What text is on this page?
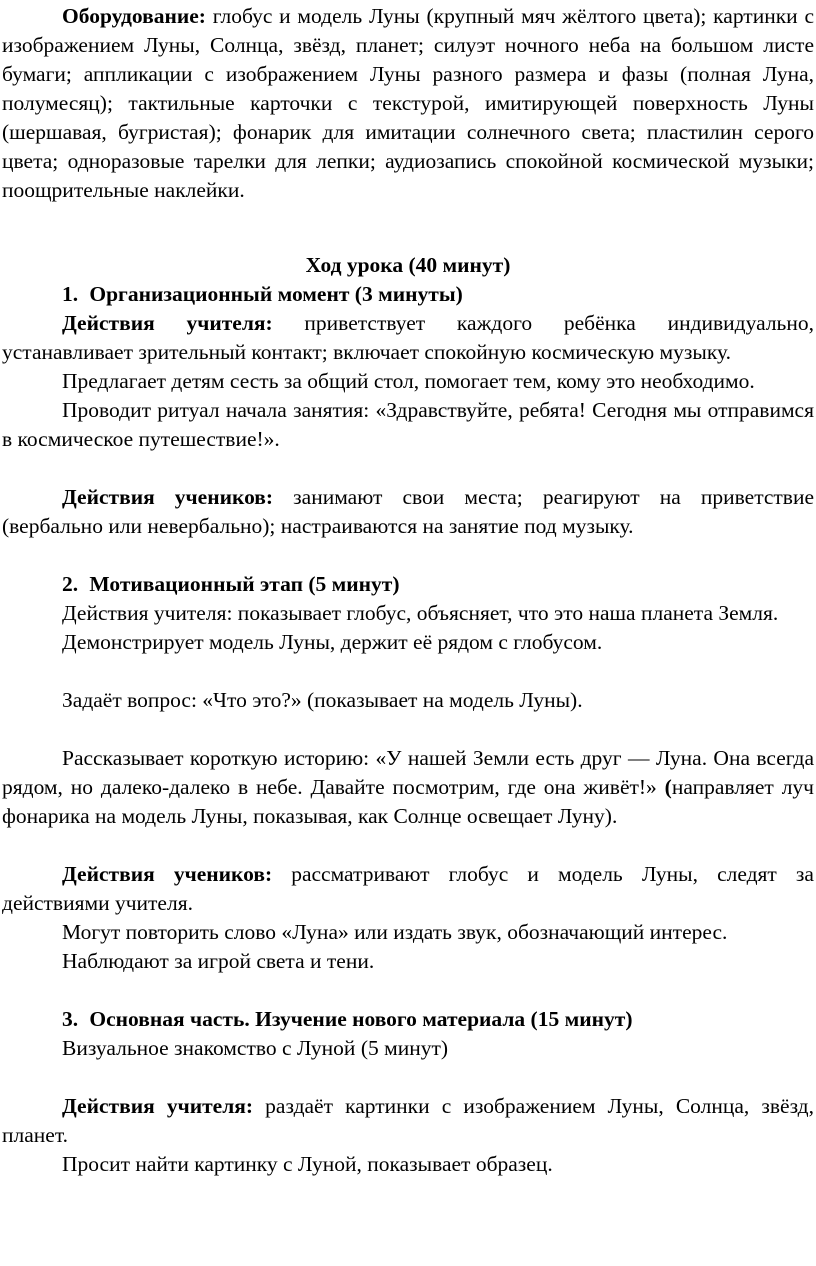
Оборудование: глобус и модель Луны (крупный мяч жёлтого цвета); картинки с изображением Луны, Солнца, звёзд, планет; силуэт ночного неба на большом листе бумаги; аппликации с изображением Луны разного размера и фазы (полная Луна, полумесяц); тактильные карточки с текстурой, имитирующей поверхность Луны (шершавая, бугристая); фонарик для имитации солнечного света; пластилин серого цвета; одноразовые тарелки для лепки; аудиозапись спокойной космической музыки; поощрительные наклейки.

Ход урока (40 минут)

1. Организационный момент (3 минуты)

Действия учителя: приветствует каждого ребёнка индивидуально, устанавливает зрительный контакт; включает спокойную космическую музыку.

Предлагает детям сесть за общий стол, помогает тем, кому это необходимо.

Проводит ритуал начала занятия: «Здравствуйте, ребята! Сегодня мы отправимся в космическое путешествие!».

Действия учеников: занимают свои места; реагируют на приветствие (вербально или невербально); настраиваются на занятие под музыку.

2. Мотивационный этап (5 минут)

Действия учителя: показывает глобус, объясняет, что это наша планета Земля.

Демонстрирует модель Луны, держит её рядом с глобусом.

Задаёт вопрос: «Что это?» (показывает на модель Луны).

Рассказывает короткую историю: «У нашей Земли есть друг — Луна. Она всегда рядом, но далеко-далеко в небе. Давайте посмотрим, где она живёт!» (направляет луч фонарика на модель Луны, показывая, как Солнце освещает Луну).

Действия учеников: рассматривают глобус и модель Луны, следят за действиями учителя.

Могут повторить слово «Луна» или издать звук, обозначающий интерес.

Наблюдают за игрой света и тени.

3. Основная часть. Изучение нового материала (15 минут)

Визуальное знакомство с Луной (5 минут)

Действия учителя: раздаёт картинки с изображением Луны, Солнца, звёзд, планет.

Просит найти картинку с Луной, показывает образец.
